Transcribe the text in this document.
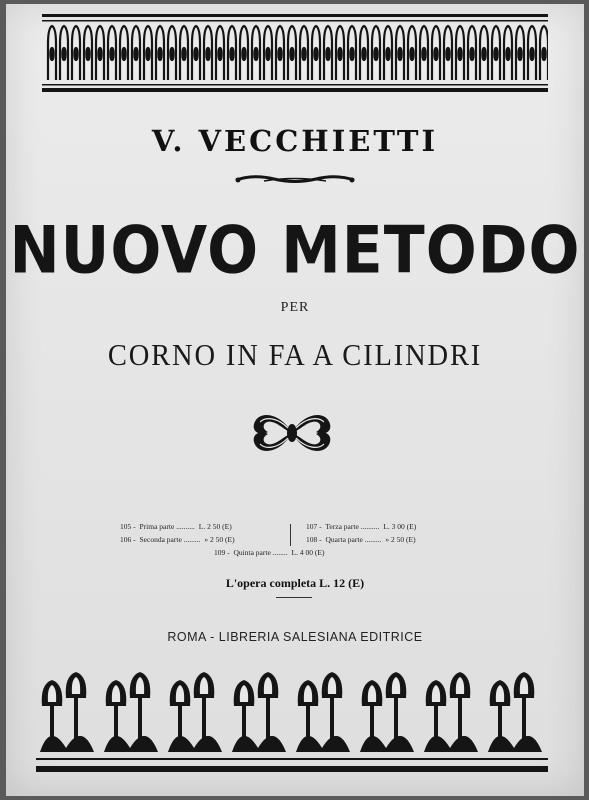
V. VECCHIETTI
NUOVO METODO
PER
CORNO IN FA A CILINDRI
105 - Prima parte .......... L. 2 50 (E)
106 - Seconda parte ......... » 2 50 (E)
107 - Terza parte .......... L. 3 00 (E)
108 - Quarta parte ......... » 2 50 (E)
109 - Quinta parte ........ L. 4 00 (E)
L'opera completa L. 12 (E)
ROMA - LIBRERIA SALESIANA EDITRICE
